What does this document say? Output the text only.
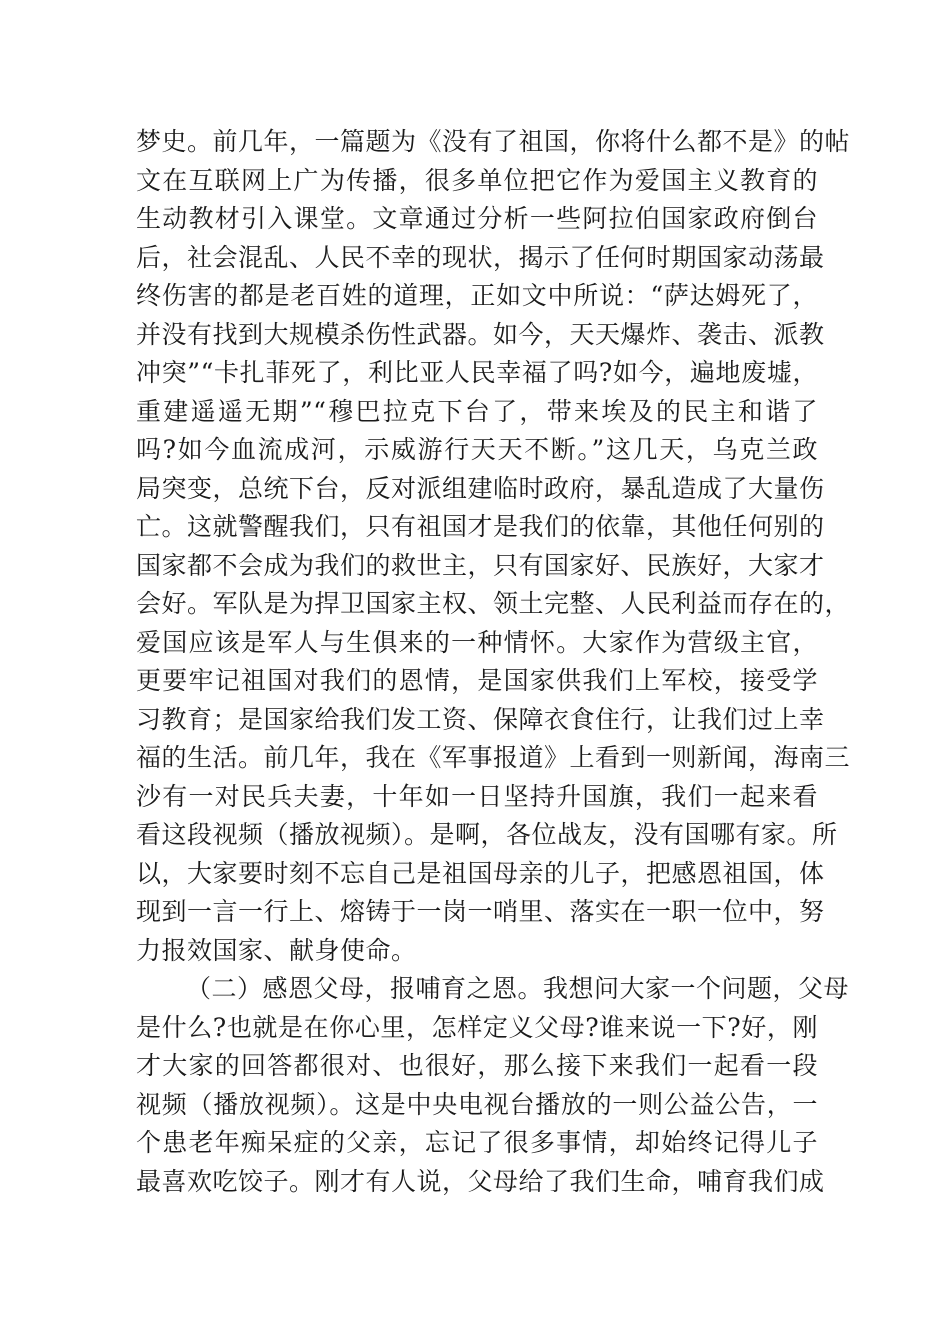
梦史。前几年，一篇题为《没有了祖国，你将什么都不是》的帖
文在互联网上广为传播，很多单位把它作为爱国主义教育的
生动教材引入课堂。文章通过分析一些阿拉伯国家政府倒台
后，社会混乱、人民不幸的现状，揭示了任何时期国家动荡最
终伤害的都是老百姓的道理，正如文中所说：“萨达姆死了，
并没有找到大规模杀伤性武器。如今，天天爆炸、袭击、派教
冲突”“卡扎菲死了，利比亚人民幸福了吗?如今，遍地废墟，
重建遥遥无期”“穆巴拉克下台了，带来埃及的民主和谐了
吗?如今血流成河，示威游行天天不断。”这几天，乌克兰政
局突变，总统下台，反对派组建临时政府，暴乱造成了大量伤
亡。这就警醒我们，只有祖国才是我们的依靠，其他任何别的
国家都不会成为我们的救世主，只有国家好、民族好，大家才
会好。军队是为捍卫国家主权、领土完整、人民利益而存在的，
爱国应该是军人与生俱来的一种情怀。大家作为营级主官，
更要牢记祖国对我们的恩情，是国家供我们上军校，接受学
习教育；是国家给我们发工资、保障衣食住行，让我们过上幸
福的生活。前几年，我在《军事报道》上看到一则新闻，海南三
沙有一对民兵夫妻，十年如一日坚持升国旗，我们一起来看
看这段视频（播放视频）。是啊，各位战友，没有国哪有家。所
以，大家要时刻不忘自己是祖国母亲的儿子，把感恩祖国，体
现到一言一行上、熔铸于一岗一哨里、落实在一职一位中，努
力报效国家、献身使命。
（二）感恩父母，报哺育之恩。我想问大家一个问题，父母
是什么?也就是在你心里，怎样定义父母?谁来说一下?好，刚
才大家的回答都很对、也很好，那么接下来我们一起看一段
视频（播放视频）。这是中央电视台播放的一则公益公告，一
个患老年痴呆症的父亲，忘记了很多事情，却始终记得儿子
最喜欢吃饺子。刚才有人说，父母给了我们生命，哺育我们成
